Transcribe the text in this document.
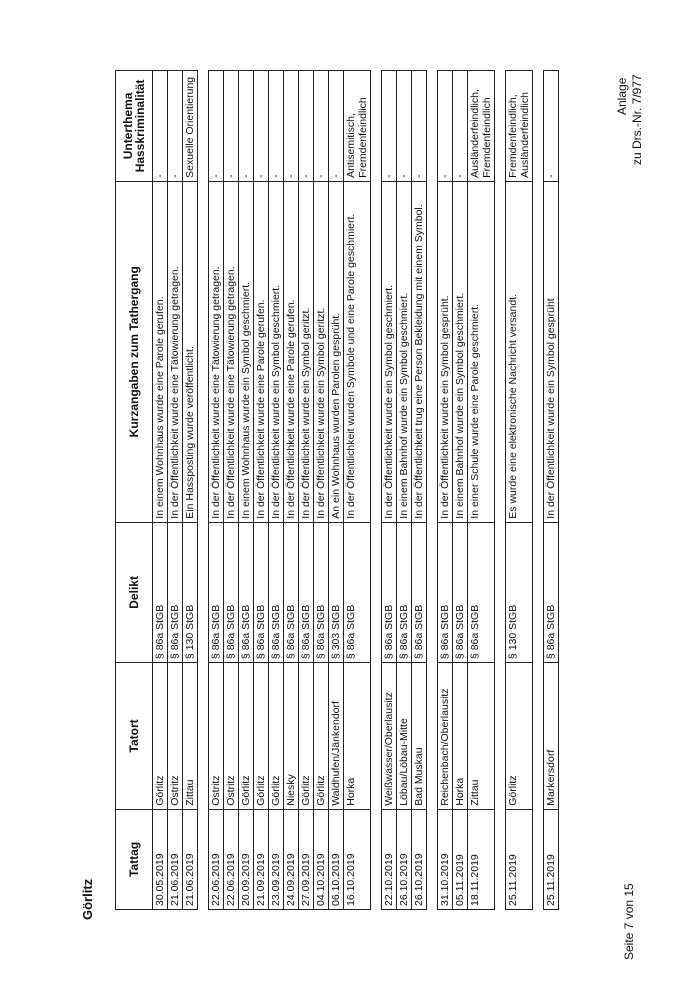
Anlage zu Drs.-Nr. 7/977
Seite 7 von 15
Görlitz
Tattag	Tatort	Delikt	Kurzangaben zum Tathergang	Unterthema Hasskriminalität
30.05.2019	Görlitz	§ 86a StGB	In einem Wohnhaus wurde eine Parole gerufen.	-
21.06.2019	Ostritz	§ 86a StGB	In der Öffentlichkeit wurde eine Tätowierung getragen.	-
21.06.2019	Zittau	§ 130 StGB	Ein Hassposting wurde veröffentlicht.	Sexuelle Orientierung

22.06.2019	Ostritz	§ 86a StGB	In der Öffentlichkeit wurde eine Tätowierung getragen.	-
22.06.2019	Ostritz	§ 86a StGB	In der Öffentlichkeit wurde eine Tätowierung getragen.	-
20.09.2019	Görlitz	§ 86a StGB	In einem Wohnhaus wurde ein Symbol geschmiert.	-
21.09.2019	Görlitz	§ 86a StGB	In der Öffentlichkeit wurde eine Parole gerufen.	-
23.09.2019	Görlitz	§ 86a StGB	In der Öffentlichkeit wurde ein Symbol geschmiert.	-
24.09.2019	Niesky	§ 86a StGB	In der Öffentlichkeit wurde eine Parole gerufen.	-
27.09.2019	Görlitz	§ 86a StGB	In der Öffentlichkeit wurde ein Symbol geritzt.	-
04.10.2019	Görlitz	§ 86a StGB	In der Öffentlichkeit wurde ein Symbol geritzt.	-
06.10.2019	Waldhufen/Jänkendorf	§ 303 StGB	An ein Wohnhaus wurden Parolen gesprüht.	-
16.10.2019	Horka	§ 86a StGB	In der Öffentlichkeit wurden Symbole und eine Parole geschmiert.	Antisemitisch, Fremdenfeindlich

22.10.2019	Weißwasser/Oberlausitz	§ 86a StGB	In der Öffentlichkeit wurde ein Symbol geschmiert.	-
26.10.2019	Löbau/Löbau-Mitte	§ 86a StGB	In einem Bahnhof wurde ein Symbol geschmiert.	-
26.10.2019	Bad Muskau	§ 86a StGB	In der Öffentlichkeit trug eine Person Bekleidung mit einem Symbol.	-

31.10.2019	Reichenbach/Oberlausitz	§ 86a StGB	In der Öffentlichkeit wurde ein Symbol gesprüht.	-
05.11.2019	Horka	§ 86a StGB	In einem Bahnhof wurde ein Symbol geschmiert.	-
18.11.2019	Zittau	§ 86a StGB	In einer Schule wurde eine Parole geschmiert.	Ausländerfeindlich, Fremdenfeindlich

25.11.2019	Görlitz	§ 130 StGB	Es wurde eine elektronische Nachricht versandt.	Fremdenfeindlich, Ausländerfeindlich

25.11.2019	Markersdorf	§ 86a StGB	In der Öffentlichkeit wurde ein Symbol gesprüht	-
